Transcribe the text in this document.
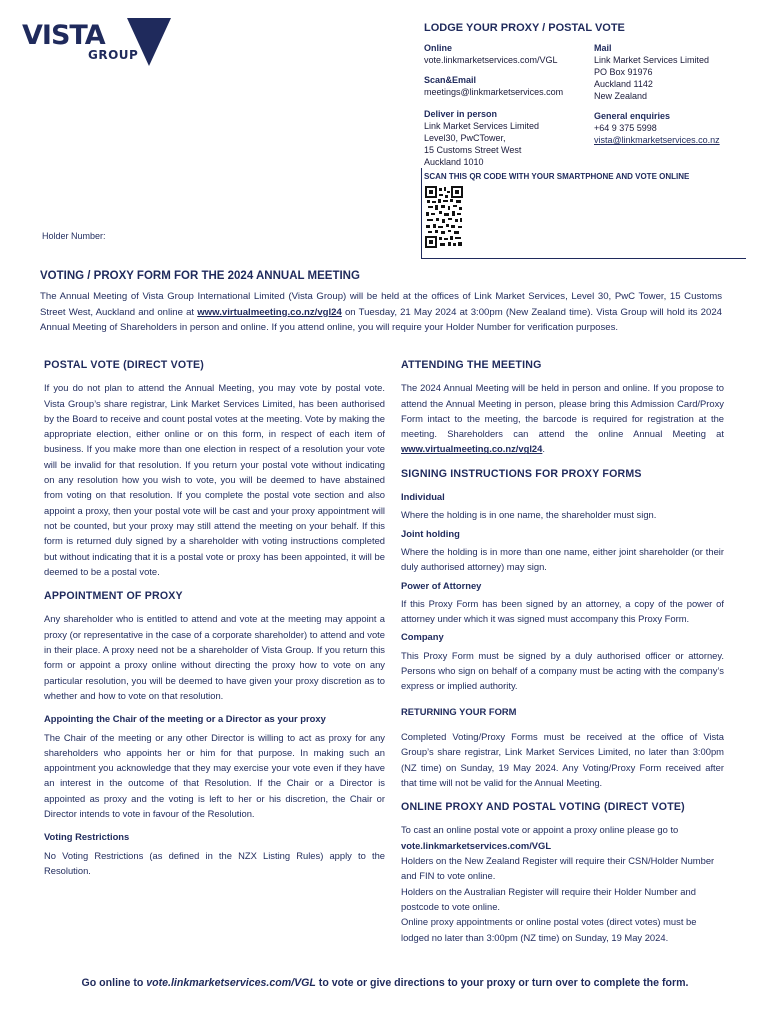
VISTA
GROUP
LODGE YOUR PROXY / POSTAL VOTE
Online
vote.linkmarketservices.com/VGL
Scan&Email
meetings@linkmarketservices.com
Deliver in person
Link Market Services Limited
Level30, PwCTower,
15 Customs Street West
Auckland 1010
Mail
Link Market Services Limited
PO Box 91976
Auckland 1142
New Zealand
General enquiries
+64 9 375 5998
vista@linkmarketservices.co.nz
SCAN THIS QR CODE WITH YOUR SMARTPHONE AND VOTE ONLINE
Holder Number:
VOTING / PROXY FORM FOR THE 2024 ANNUAL MEETING
The Annual Meeting of Vista Group International Limited (Vista Group) will be held at the offices of Link Market Services, Level 30, PwC Tower, 15 Customs Street West, Auckland and online at www.virtualmeeting.co.nz/vgl24 on Tuesday, 21 May 2024 at 3:00pm (New Zealand time). Vista Group will hold its 2024 Annual Meeting of Shareholders in person and online. If you attend online, you will require your Holder Number for verification purposes.
POSTAL VOTE (DIRECT VOTE)

If you do not plan to attend the Annual Meeting, you may vote by postal vote. Vista Group’s share registrar, Link Market Services Limited, has been authorised by the Board to receive and count postal votes at the meeting. Vote by making the appropriate election, either online or on this form, in respect of each item of business. If you make more than one election in respect of a resolution your vote will be invalid for that resolution. If you return your postal vote without indicating on any resolution how you wish to vote, you will be deemed to have abstained from voting on that resolution. If you complete the postal vote section and also appoint a proxy, then your postal vote will be cast and your proxy appointment will not be counted, but your proxy may still attend the meeting on your behalf. If this form is returned duly signed by a shareholder with voting instructions completed but without indicating that it is a postal vote or proxy has been appointed, it will be deemed to be a postal vote.

APPOINTMENT OF PROXY

Any shareholder who is entitled to attend and vote at the meeting may appoint a proxy (or representative in the case of a corporate shareholder) to attend and vote in their place. A proxy need not be a shareholder of Vista Group. If you return this form or appoint a proxy online without directing the proxy how to vote on any particular resolution, you will be deemed to have given your proxy discretion as to whether and how to vote on that resolution.

Appointing the Chair of the meeting or a Director as your proxy

The Chair of the meeting or any other Director is willing to act as proxy for any shareholders who appoints her or him for that purpose. In making such an appointment you acknowledge that they may exercise your vote even if they have an interest in the outcome of that Resolution. If the Chair or a Director is appointed as proxy and the voting is left to her or his discretion, the Chair or Director intends to vote in favour of the Resolution.

Voting Restrictions

No Voting Restrictions (as defined in the NZX Listing Rules) apply to the Resolution.

ATTENDING THE MEETING

The 2024 Annual Meeting will be held in person and online. If you propose to attend the Annual Meeting in person, please bring this Admission Card/Proxy Form intact to the meeting, the barcode is required for registration at the meeting. Shareholders can attend the online Annual Meeting at www.virtualmeeting.co.nz/vgl24.

SIGNING INSTRUCTIONS FOR PROXY FORMS
Individual

Where the holding is in one name, the shareholder must sign.

Joint holding

Where the holding is in more than one name, either joint shareholder (or their duly authorised attorney) may sign.

Power of Attorney

If this Proxy Form has been signed by an attorney, a copy of the power of attorney under which it was signed must accompany this Proxy Form.

Company

This Proxy Form must be signed by a duly authorised officer or attorney. Persons who sign on behalf of a company must be acting with the company’s express or implied authority.

RETURNING YOUR FORM

Completed Voting/Proxy Forms must be received at the office of Vista Group’s share registrar, Link Market Services Limited, no later than 3:00pm (NZ time) on Sunday, 19 May 2024. Any Voting/Proxy Form received after that time will not be valid for the Annual Meeting.

ONLINE PROXY AND POSTAL VOTING (DIRECT VOTE)

To cast an online postal vote or appoint a proxy online please go to
vote.linkmarketservices.com/VGL

Holders on the New Zealand Register will require their CSN/Holder Number and FIN to vote online.

Holders on the Australian Register will require their Holder Number and postcode to vote online.

Online proxy appointments or online postal votes (direct votes) must be lodged no later than 3:00pm (NZ time) on Sunday, 19 May 2024.

Go online to vote.linkmarketservices.com/VGL to vote or give directions to your proxy or turn over to complete the form.
